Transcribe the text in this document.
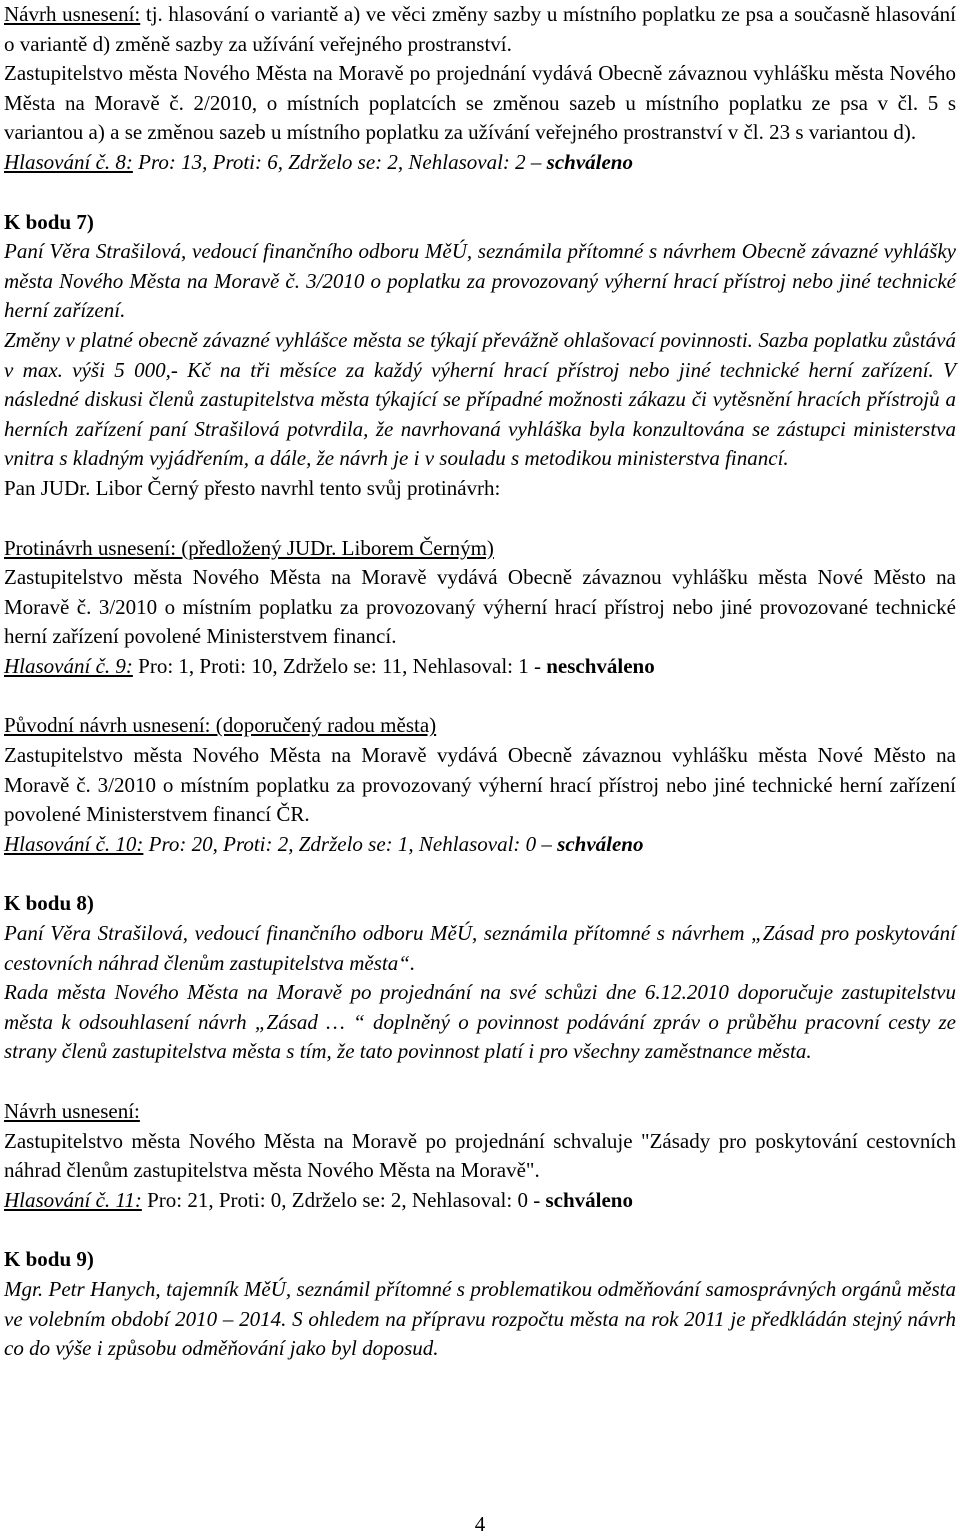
Návrh usnesení: tj. hlasování o variantě a) ve věci změny sazby u místního poplatku ze psa a současně hlasování o variantě d) změně sazby za užívání veřejného prostranství.

Zastupitelstvo města Nového Města na Moravě po projednání vydává Obecně závaznou vyhlášku města Nového Města na Moravě č. 2/2010, o místních poplatcích se změnou sazeb u místního poplatku ze psa v čl. 5 s variantou a) a se změnou sazeb u místního poplatku za užívání veřejného prostranství v čl. 23 s variantou d).

Hlasování č. 8: Pro: 13, Proti: 6, Zdrželo se: 2, Nehlasoval: 2 – schváleno

K bodu 7)

Paní Věra Strašilová, vedoucí finančního odboru MěÚ, seznámila přítomné s návrhem Obecně závazné vyhlášky města Nového Města na Moravě č. 3/2010 o poplatku za provozovaný výherní hrací přístroj nebo jiné technické herní zařízení.

Změny v platné obecně závazné vyhlášce města se týkají převážně ohlašovací povinnosti. Sazba poplatku zůstává v max. výši 5 000,- Kč na tři měsíce za každý výherní hrací přístroj nebo jiné technické herní zařízení. V následné diskusi členů zastupitelstva města týkající se případné možnosti zákazu či vytěsnění hracích přístrojů a herních zařízení paní Strašilová potvrdila, že navrhovaná vyhláška byla konzultována se zástupci ministerstva vnitra s kladným vyjádřením, a dále, že návrh je i v souladu s metodikou ministerstva financí.

Pan JUDr. Libor Černý přesto navrhl tento svůj protinávrh:

Protinávrh usnesení: (předložený JUDr. Liborem Černým)

Zastupitelstvo města Nového Města na Moravě vydává Obecně závaznou vyhlášku města Nové Město na Moravě č. 3/2010 o místním poplatku za provozovaný výherní hrací přístroj nebo jiné provozované technické herní zařízení povolené Ministerstvem financí.

Hlasování č. 9: Pro: 1, Proti: 10, Zdrželo se: 11, Nehlasoval: 1 - neschváleno

Původní návrh usnesení: (doporučený radou města)

Zastupitelstvo města Nového Města na Moravě vydává Obecně závaznou vyhlášku města Nové Město na Moravě č. 3/2010 o místním poplatku za provozovaný výherní hrací přístroj nebo jiné technické herní zařízení povolené Ministerstvem financí ČR.

Hlasování č. 10: Pro: 20, Proti: 2, Zdrželo se: 1, Nehlasoval: 0 – schváleno

K bodu 8)

Paní Věra Strašilová, vedoucí finančního odboru MěÚ, seznámila přítomné s návrhem „Zásad pro poskytování cestovních náhrad členům zastupitelstva města“.

Rada města Nového Města na Moravě po projednání na své schůzi dne 6.12.2010 doporučuje zastupitelstvu města k odsouhlasení návrh „Zásad … “ doplněný o povinnost podávání zpráv o průběhu pracovní cesty ze strany členů zastupitelstva města s tím, že tato povinnost platí i pro všechny zaměstnance města.

Návrh usnesení:

Zastupitelstvo města Nového Města na Moravě po projednání schvaluje "Zásady pro poskytování cestovních náhrad členům zastupitelstva města Nového Města na Moravě".

Hlasování č. 11: Pro: 21, Proti: 0, Zdrželo se: 2, Nehlasoval: 0 - schváleno

K bodu 9)

Mgr. Petr Hanych, tajemník MěÚ, seznámil přítomné s problematikou odměňování samosprávných orgánů města ve volebním období 2010 – 2014. S ohledem na přípravu rozpočtu města na rok 2011 je předkládán stejný návrh co do výše i způsobu odměňování jako byl doposud.

4
